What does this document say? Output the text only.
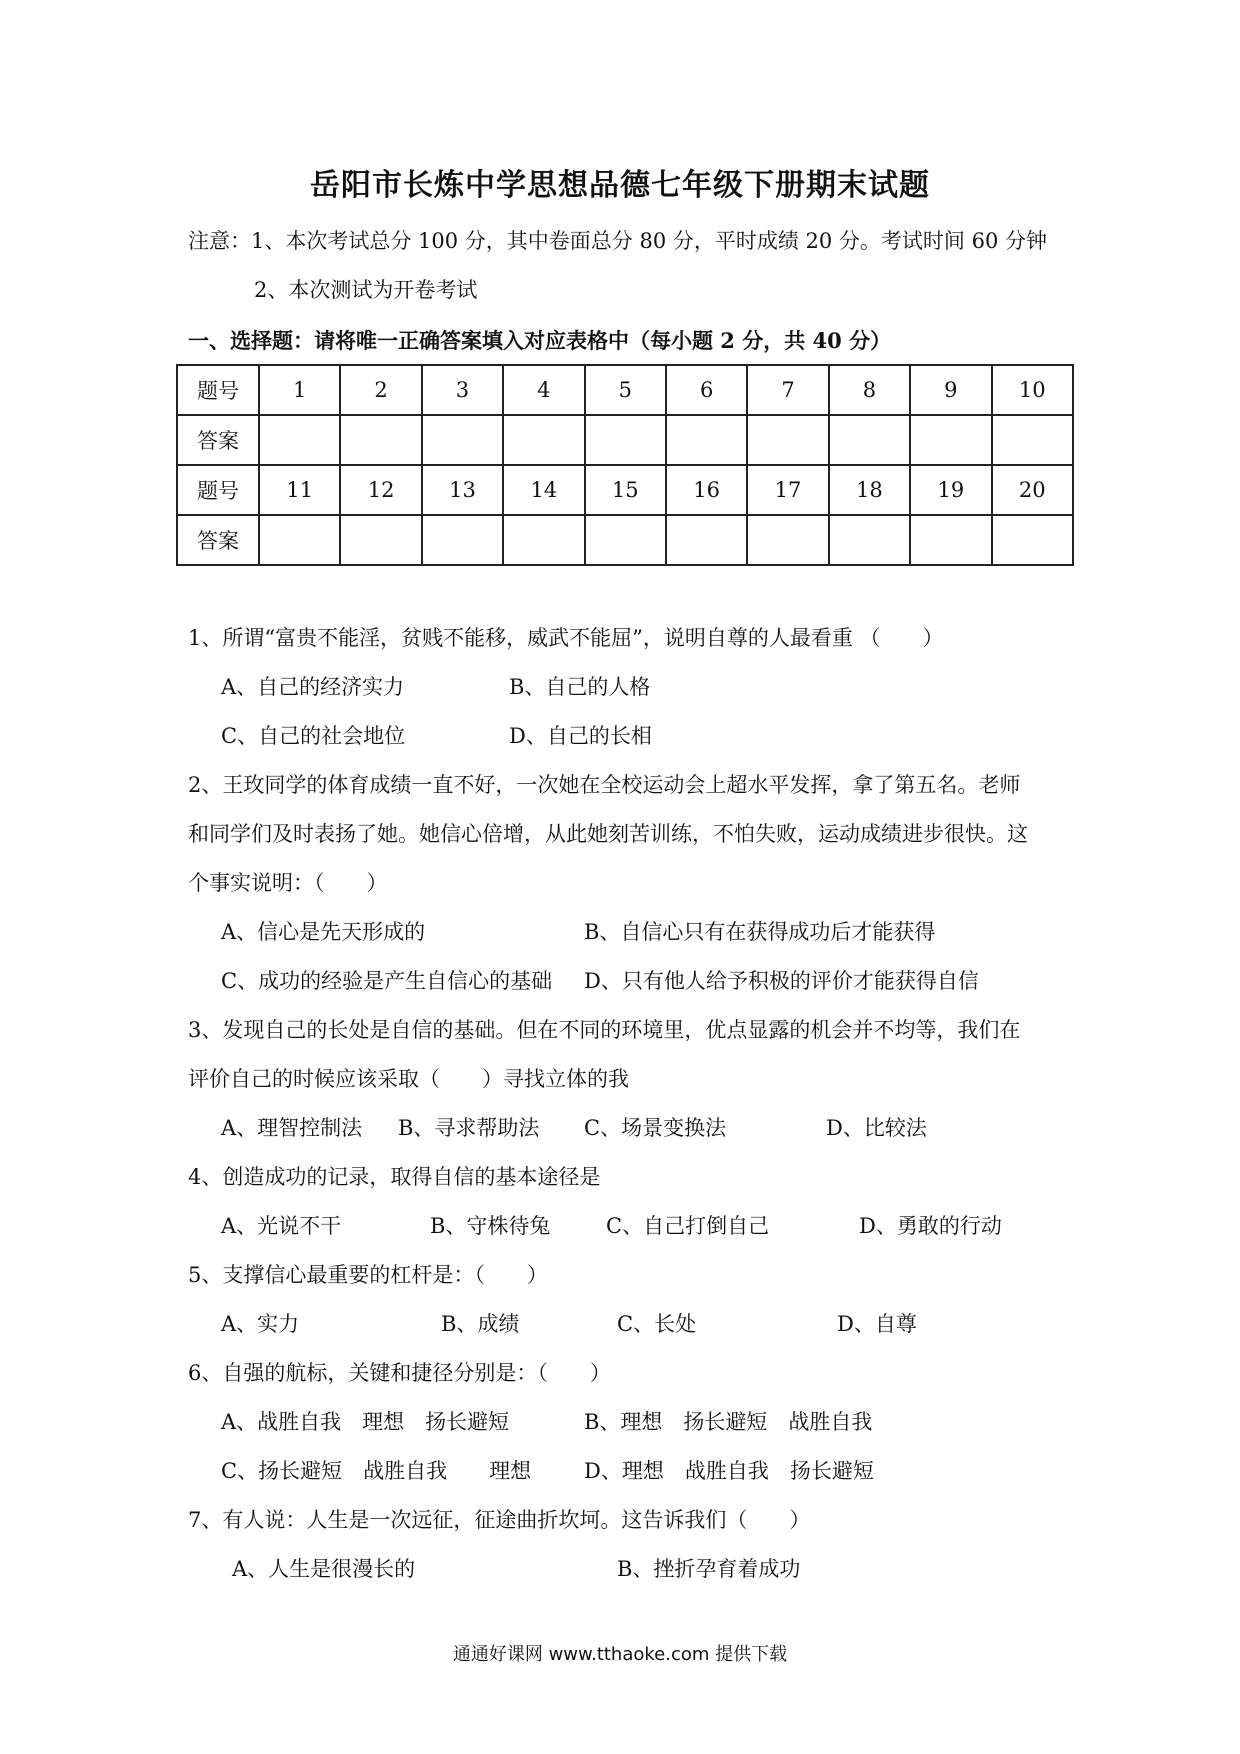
岳阳市长炼中学思想品德七年级下册期末试题
注意：1、本次考试总分 100 分，其中卷面总分 80 分，平时成绩 20 分。考试时间 60 分钟
2、本次测试为开卷考试
一、选择题：请将唯一正确答案填入对应表格中（每小题 2 分，共 40 分）
题号	1	2	3	4	5	6	7	8	9	10
答案										
题号	11	12	13	14	15	16	17	18	19	20
答案										
1、所谓“富贵不能淫，贫贱不能移，威武不能屈”，说明自尊的人最看重 （　　）
A、自己的经济实力	B、自己的人格
C、自己的社会地位	D、自己的长相
2、王玫同学的体育成绩一直不好，一次她在全校运动会上超水平发挥，拿了第五名。老师
和同学们及时表扬了她。她信心倍增，从此她刻苦训练，不怕失败，运动成绩进步很快。这
个事实说明：（　　）
A、信心是先天形成的	B、自信心只有在获得成功后才能获得
C、成功的经验是产生自信心的基础 D、只有他人给予积极的评价才能获得自信
3、发现自己的长处是自信的基础。但在不同的环境里，优点显露的机会并不均等，我们在
评价自己的时候应该采取（　　）寻找立体的我
A、理智控制法 B、寻求帮助法 C、场景变换法	D、比较法
4、创造成功的记录，取得自信的基本途径是
A、光说不干	B、守株待兔	C、自己打倒自己	D、勇敢的行动
5、支撑信心最重要的杠杆是：（　　）
A、实力	B、成绩	C、长处	D、自尊
6、自强的航标，关键和捷径分别是：（　　）
A、战胜自我　理想　扬长避短	B、理想　扬长避短　战胜自我
C、扬长避短　战胜自我　　理想	D、理想　战胜自我　扬长避短
7、有人说：人生是一次远征，征途曲折坎坷。这告诉我们（　　）
A、人生是很漫长的	B、挫折孕育着成功
通通好课网 www.tthaoke.com 提供下载
